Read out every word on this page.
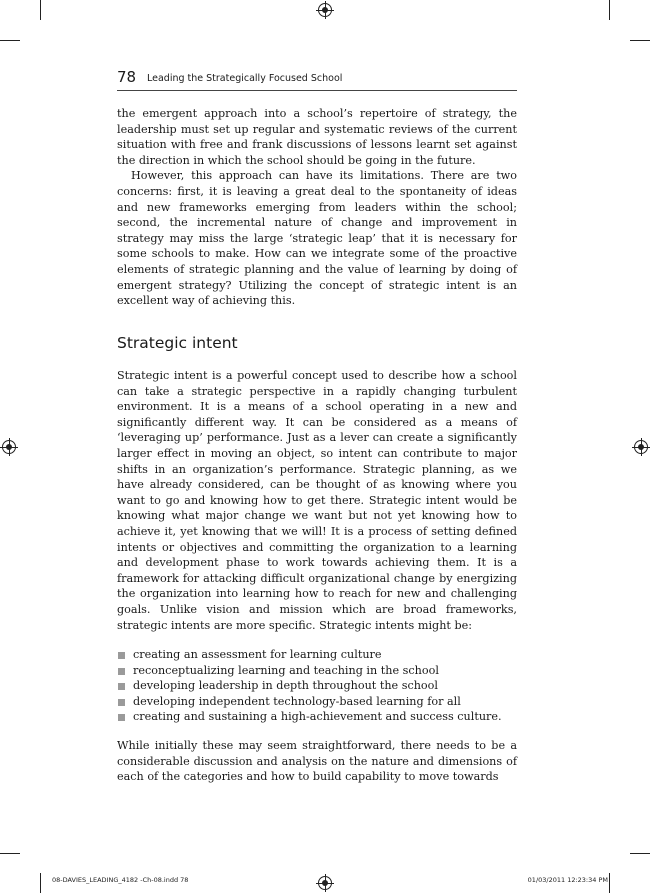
78 Leading the Strategically Focused School

the emergent approach into a school’s repertoire of strategy, the leadership must set up regular and systematic reviews of the current situation with free and frank discussions of lessons learnt set against the direction in which the school should be going in the future.

However, this approach can have its limitations. There are two concerns: first, it is leaving a great deal to the spontaneity of ideas and new frameworks emerging from leaders within the school; second, the incremental nature of change and improvement in strategy may miss the large ‘strategic leap’ that it is necessary for some schools to make. How can we integrate some of the proactive elements of strategic planning and the value of learning by doing of emergent strategy? Utilizing the concept of strategic intent is an excellent way of achieving this.

Strategic intent

Strategic intent is a powerful concept used to describe how a school can take a strategic perspective in a rapidly changing turbulent environment. It is a means of a school operating in a new and significantly different way. It can be considered as a means of ‘leveraging up’ performance. Just as a lever can create a significantly larger effect in moving an object, so intent can contribute to major shifts in an organization’s performance. Strategic planning, as we have already considered, can be thought of as knowing where you want to go and knowing how to get there. Strategic intent would be knowing what major change we want but not yet knowing how to achieve it, yet knowing that we will! It is a process of setting defined intents or objectives and committing the organization to a learning and development phase to work towards achieving them. It is a framework for attacking difficult organizational change by energizing the organization into learning how to reach for new and challenging goals. Unlike vision and mission which are broad frameworks, strategic intents are more specific. Strategic intents might be:

creating an assessment for learning culture
reconceptualizing learning and teaching in the school
developing leadership in depth throughout the school
developing independent technology-based learning for all
creating and sustaining a high-achievement and success culture.

While initially these may seem straightforward, there needs to be a considerable discussion and analysis on the nature and dimensions of each of the categories and how to build capability to move towards

08-DAVIES_LEADING_4182 -Ch-08.indd 78	01/03/2011 12:23:34 PM
